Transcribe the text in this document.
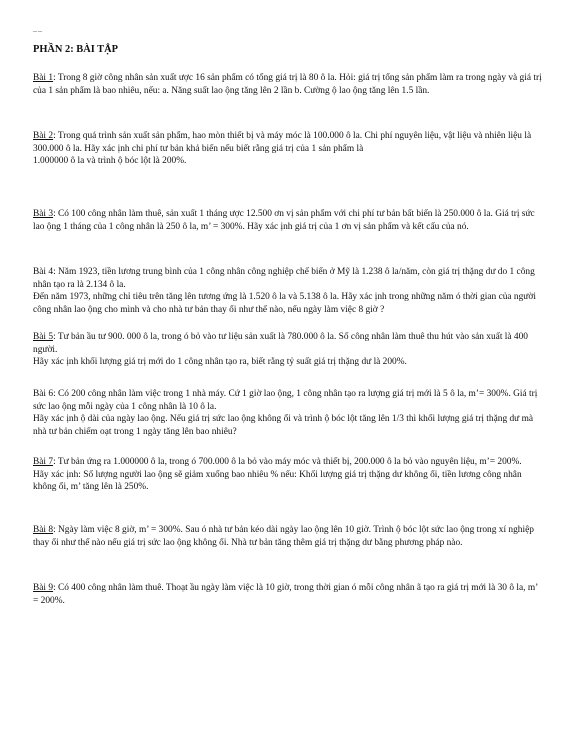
––
PHẦN 2: BÀI TẬP

Bài 1: Trong 8 giờ công nhân sản xuất ược 16 sản phẩm có tổng giá trị là 80 ô la. Hỏi: giá trị tổng sản phẩm làm ra trong ngày và giá trị của 1 sản phẩm là bao nhiêu, nếu: a. Năng suất lao ộng tăng lên 2 lần b. Cường ộ lao ộng tăng lên 1.5 lần.

Bài 2: Trong quá trình sản xuất sản phẩm, hao mòn thiết bị và máy móc là 100.000 ô la. Chi phí nguyên liệu, vật liệu và nhiên liệu là 300.000 ô la. Hãy xác ịnh chi phí tư bản khả biến nếu biết rằng giá trị của 1 sản phẩm là

1.000000 ô la và trình ộ bóc lột là 200%.

Bài 3: Có 100 công nhân làm thuê, sản xuất 1 tháng ược 12.500 ơn vị sản phẩm với chi phí tư bản bất biến là 250.000 ô la. Giá trị sức lao ộng 1 tháng của 1 công nhân là 250 ô la, m’ = 300%. Hãy xác ịnh giá trị của 1 ơn vị sản phẩm và kết cấu của nó.

Bài 4: Năm 1923, tiền lương trung bình của 1 công nhân công nghiệp chế biến ở Mỹ là 1.238 ô la/năm, còn giá trị thặng dư do 1 công nhân tạo ra là 2.134 ô la.

Đến năm 1973, những chỉ tiêu trên tăng lên tương ứng là 1.520 ô la và 5.138 ô la. Hãy xác ịnh trong những năm ó thời gian của người công nhân lao ộng cho mình và cho nhà tư bản thay ổi như thế nào, nếu ngày làm việc 8 giờ ?

Bài 5: Tư bản ầu tư 900. 000 ô la, trong ó bỏ vào tư liệu sản xuất là 780.000 ô la. Số công nhân làm thuê thu hút vào sản xuất là 400 người.

Hãy xác ịnh khối lượng giá trị mới do 1 công nhân tạo ra, biết rằng tỷ suất giá trị thặng dư là 200%.

Bài 6: Có 200 công nhân làm việc trong 1 nhà máy. Cứ 1 giờ lao ộng, 1 công nhân tạo ra lượng giá trị mới là 5 ô la, m’= 300%. Giá trị sức lao ộng mỗi ngày của 1 công nhân là 10 ô la.

Hãy xác ịnh ộ dài của ngày lao ộng. Nếu giá trị sức lao ộng không ổi và trình ộ bóc lột tăng lên 1/3 thì khối lượng giá trị thặng dư mà nhà tư bản chiếm oạt trong 1 ngày tăng lên bao nhiêu?

Bài 7: Tư bản ứng ra 1.000000 ô la, trong ó 700.000 ô la bỏ vào máy móc và thiết bị, 200.000 ô la bỏ vào nguyên liệu, m’= 200%.

Hãy xác ịnh: Số lượng người lao ộng sẽ giảm xuống bao nhiêu % nếu: Khối lượng giá trị thặng dư không ổi, tiền lương công nhân không ổi, m’ tăng lên là 250%.

Bài 8: Ngày làm việc 8 giờ, m’ = 300%. Sau ó nhà tư bản kéo dài ngày lao ộng lên 10 giờ. Trình ộ bóc lột sức lao ộng trong xí nghiệp thay ổi như thế nào nếu giá trị sức lao ộng không ổi. Nhà tư bản tăng thêm giá trị thặng dư bằng phương pháp nào.

Bài 9: Có 400 công nhân làm thuê. Thoạt ầu ngày làm việc là 10 giờ, trong thời gian ó mỗi công nhân ã tạo ra giá trị mới là 30 ô la, m’ = 200%.
